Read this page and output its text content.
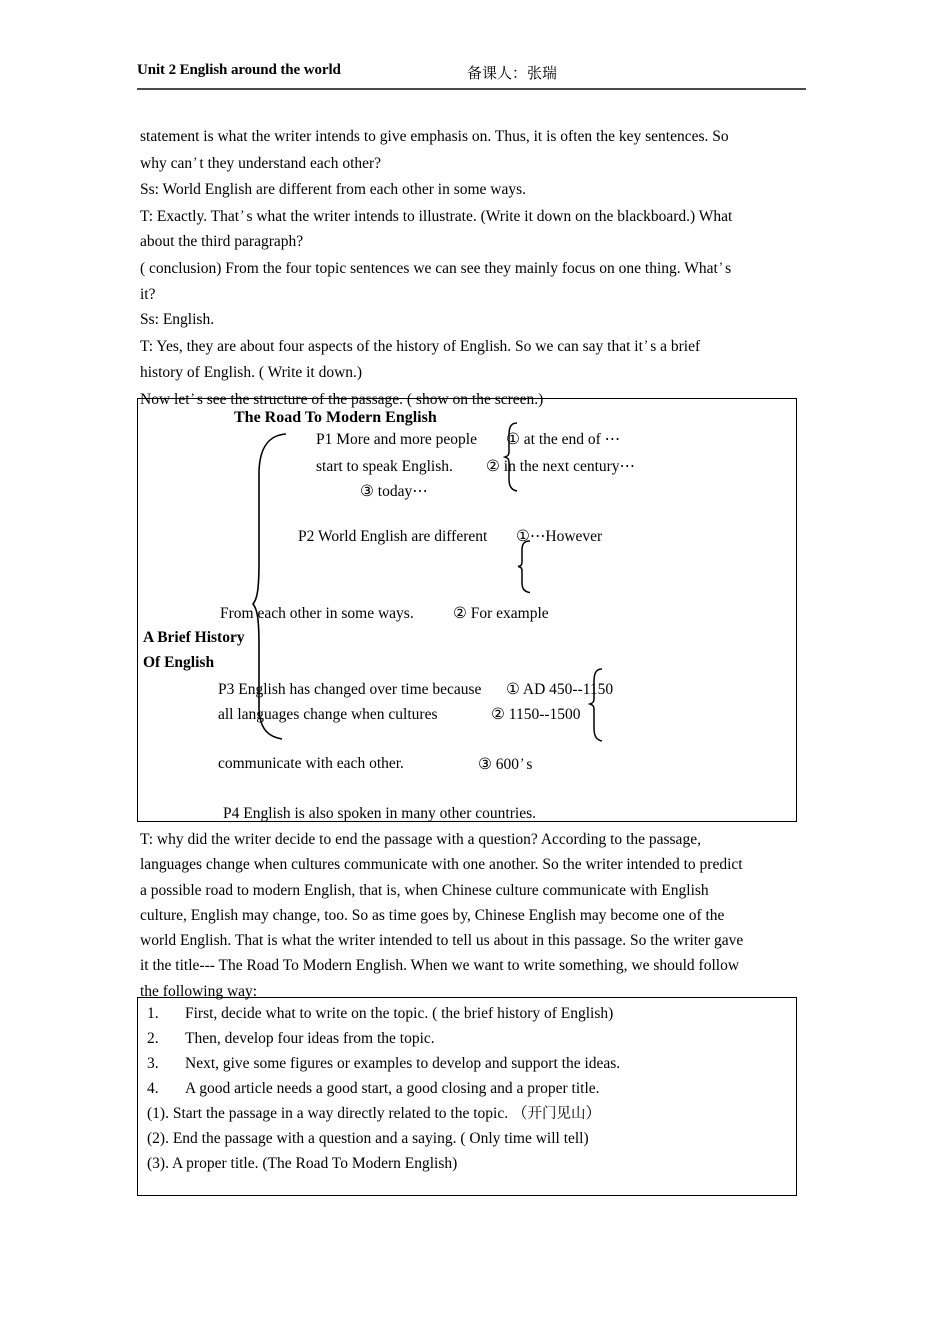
Unit 2 English around the world	备课人：张瑞

statement is what the writer intends to give emphasis on. Thus, it is often the key sentences. So

why can’ t they understand each other?

Ss: World English are different from each other in some ways.

T: Exactly. That’ s what the writer intends to illustrate. (Write it down on the blackboard.) What

about the third paragraph?

( conclusion) From the four topic sentences we can see they mainly focus on one thing. What’ s

it?

Ss: English.

T: Yes, they are about four aspects of the history of English. So we can say that it’ s a brief

history of English. ( Write it down.)

Now let’ s see the structure of the passage. ( show on the screen.)

The Road To Modern English
P1 More and more people ① at the end of ⋯
start to speak English. ② in the next century⋯
③ today⋯
P2 World English are different ①⋯However
From each other in some ways.	② For example
A Brief History
Of English
P3 English has changed over time because ① AD 450--1150
all languages change when cultures	② 1150--1500
communicate with each other.	③ 600’ s
P4 English is also spoken in many other countries.

T: why did the writer decide to end the passage with a question? According to the passage,

languages change when cultures communicate with one another. So the writer intended to predict

a possible road to modern English, that is, when Chinese culture communicate with English

culture, English may change, too. So as time goes by, Chinese English may become one of the

world English. That is what the writer intended to tell us about in this passage. So the writer gave

it the title--- The Road To Modern English. When we want to write something, we should follow

the following way:

1.	First, decide what to write on the topic. ( the brief history of English)
2.	Then, develop four ideas from the topic.
3.	Next, give some figures or examples to develop and support the ideas.
4.	A good article needs a good start, a good closing and a proper title.
(1). Start the passage in a way directly related to the topic. （开门见山）
(2). End the passage with a question and a saying. ( Only time will tell)
(3). A proper title. (The Road To Modern English)
